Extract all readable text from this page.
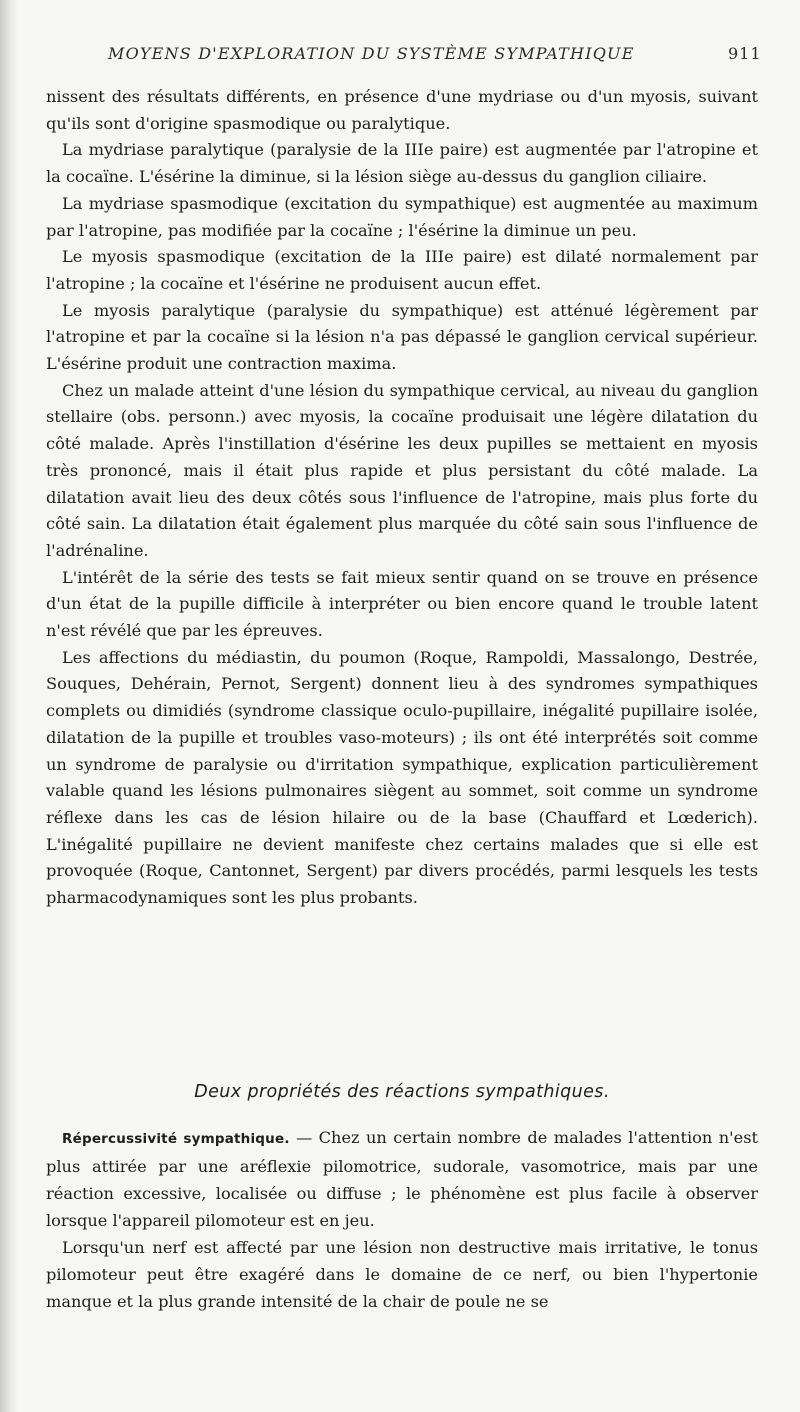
MOYENS D'EXPLORATION DU SYSTÈME SYMPATHIQUE	911

nissent des résultats différents, en présence d'une mydriase ou d'un myosis, suivant qu'ils sont d'origine spasmodique ou paralytique.

La mydriase paralytique (paralysie de la IIIe paire) est augmentée par l'atropine et la cocaïne. L'ésérine la diminue, si la lésion siège au-dessus du ganglion ciliaire.

La mydriase spasmodique (excitation du sympathique) est augmentée au maximum par l'atropine, pas modifiée par la cocaïne ; l'ésérine la diminue un peu.

Le myosis spasmodique (excitation de la IIIe paire) est dilaté normalement par l'atropine ; la cocaïne et l'ésérine ne produisent aucun effet.

Le myosis paralytique (paralysie du sympathique) est atténué légèrement par l'atropine et par la cocaïne si la lésion n'a pas dépassé le ganglion cervical supérieur. L'ésérine produit une contraction maxima.

Chez un malade atteint d'une lésion du sympathique cervical, au niveau du ganglion stellaire (obs. personn.) avec myosis, la cocaïne produisait une légère dilatation du côté malade. Après l'instillation d'ésérine les deux pupilles se mettaient en myosis très prononcé, mais il était plus rapide et plus persistant du côté malade. La dilatation avait lieu des deux côtés sous l'influence de l'atropine, mais plus forte du côté sain. La dilatation était également plus marquée du côté sain sous l'influence de l'adrénaline.

L'intérêt de la série des tests se fait mieux sentir quand on se trouve en présence d'un état de la pupille difficile à interpréter ou bien encore quand le trouble latent n'est révélé que par les épreuves.

Les affections du médiastin, du poumon (Roque, Rampoldi, Massalongo, Destrée, Souques, Dehérain, Pernot, Sergent) donnent lieu à des syndromes sympathiques complets ou dimidiés (syndrome classique oculo-pupillaire, inégalité pupillaire isolée, dilatation de la pupille et troubles vaso-moteurs) ; ils ont été interprétés soit comme un syndrome de paralysie ou d'irritation sympathique, explication particulièrement valable quand les lésions pulmonaires siègent au sommet, soit comme un syndrome réflexe dans les cas de lésion hilaire ou de la base (Chauffard et Lœderich). L'inégalité pupillaire ne devient manifeste chez certains malades que si elle est provoquée (Roque, Cantonnet, Sergent) par divers procédés, parmi lesquels les tests pharmacodynamiques sont les plus probants.

Deux propriétés des réactions sympathiques.

Répercussivité sympathique. — Chez un certain nombre de malades l'attention n'est plus attirée par une aréflexie pilomotrice, sudorale, vasomotrice, mais par une réaction excessive, localisée ou diffuse ; le phénomène est plus facile à observer lorsque l'appareil pilomoteur est en jeu.

Lorsqu'un nerf est affecté par une lésion non destructive mais irritative, le tonus pilomoteur peut être exagéré dans le domaine de ce nerf, ou bien l'hypertonie manque et la plus grande intensité de la chair de poule ne se
